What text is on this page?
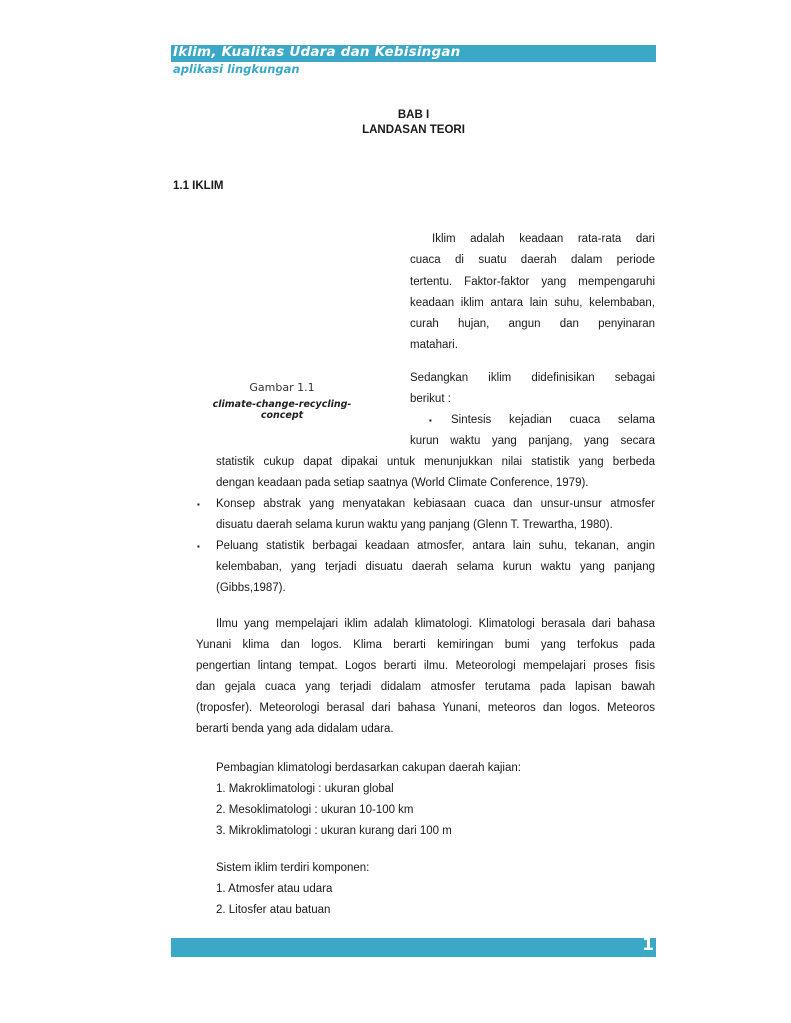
Iklim, Kualitas Udara dan Kebisingan
aplikasi lingkungan
BAB I
LANDASAN TEORI
1.1 IKLIM
Iklim adalah keadaan rata-rata dari
cuaca di suatu daerah dalam periode
tertentu. Faktor-faktor yang mempengaruhi
keadaan iklim antara lain suhu, kelembaban,
curah hujan, angun dan penyinaran
matahari.
Sedangkan iklim didefinisikan sebagai
berikut :
▪	Sintesis kejadian cuaca selama
kurun waktu yang panjang, yang secara
Gambar 1.1
climate-change-recycling-concept
statistik cukup dapat dipakai untuk menunjukkan nilai statistik yang berbeda
dengan keadaan pada setiap saatnya (World Climate Conference, 1979).
▪	Konsep abstrak yang menyatakan kebiasaan cuaca dan unsur-unsur atmosfer
disuatu daerah selama kurun waktu yang panjang (Glenn T. Trewartha, 1980).
▪	Peluang statistik berbagai keadaan atmosfer, antara lain suhu, tekanan, angin
kelembaban, yang terjadi disuatu daerah selama kurun waktu yang panjang
(Gibbs,1987).
Ilmu yang mempelajari iklim adalah klimatologi. Klimatologi berasala dari bahasa
Yunani klima dan logos. Klima berarti kemiringan bumi yang terfokus pada
pengertian lintang tempat. Logos berarti ilmu. Meteorologi mempelajari proses fisis
dan gejala cuaca yang terjadi didalam atmosfer terutama pada lapisan bawah
(troposfer). Meteorologi berasal dari bahasa Yunani, meteoros dan logos. Meteoros
berarti benda yang ada didalam udara.
Pembagian klimatologi berdasarkan cakupan daerah kajian:
1. Makroklimatologi : ukuran global
2. Mesoklimatologi : ukuran 10-100 km
3. Mikroklimatologi : ukuran kurang dari 100 m
Sistem iklim terdiri komponen:
1. Atmosfer atau udara
2. Litosfer atau batuan
1
